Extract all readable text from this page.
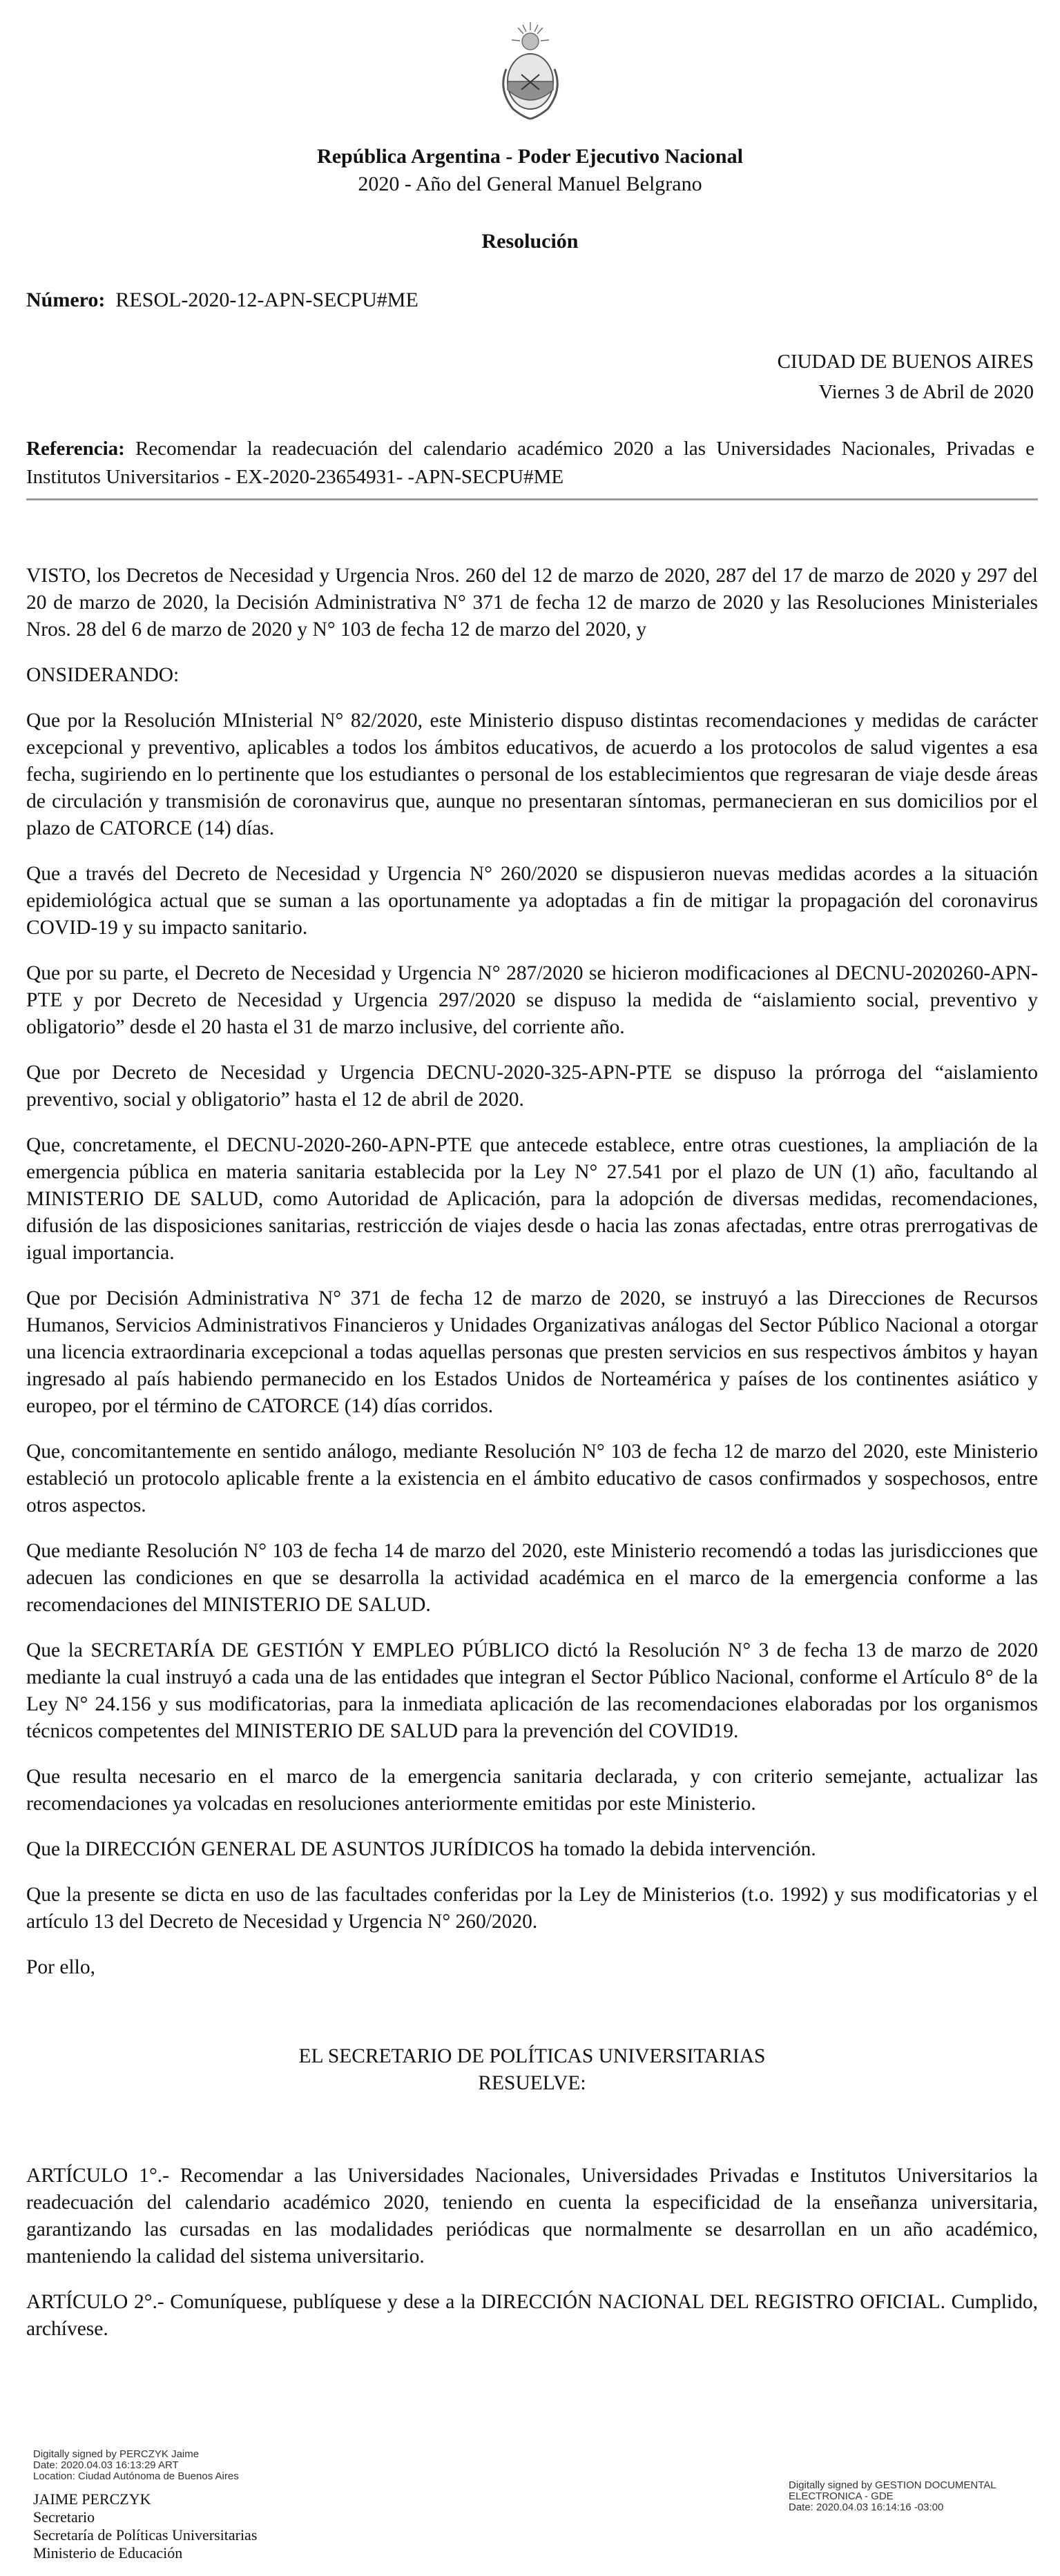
República Argentina - Poder Ejecutivo Nacional
2020 - Año del General Manuel Belgrano
Resolución
Número: RESOL-2020-12-APN-SECPU#ME
CIUDAD DE BUENOS AIRES
Viernes 3 de Abril de 2020
Referencia: Recomendar la readecuación del calendario académico 2020 a las Universidades Nacionales, Privadas e Institutos Universitarios - EX-2020-23654931- -APN-SECPU#ME

VISTO, los Decretos de Necesidad y Urgencia Nros. 260 del 12 de marzo de 2020, 287 del 17 de marzo de 2020 y 297 del 20 de marzo de 2020, la Decisión Administrativa N° 371 de fecha 12 de marzo de 2020 y las Resoluciones Ministeriales Nros. 28 del 6 de marzo de 2020 y N° 103 de fecha 12 de marzo del 2020, y

ONSIDERANDO:

Que por la Resolución MInisterial N° 82/2020, este Ministerio dispuso distintas recomendaciones y medidas de carácter excepcional y preventivo, aplicables a todos los ámbitos educativos, de acuerdo a los protocolos de salud vigentes a esa fecha, sugiriendo en lo pertinente que los estudiantes o personal de los establecimientos que regresaran de viaje desde áreas de circulación y transmisión de coronavirus que, aunque no presentaran síntomas, permanecieran en sus domicilios por el plazo de CATORCE (14) días.

Que a través del Decreto de Necesidad y Urgencia N° 260/2020 se dispusieron nuevas medidas acordes a la situación epidemiológica actual que se suman a las oportunamente ya adoptadas a fin de mitigar la propagación del coronavirus COVID-19 y su impacto sanitario.

Que por su parte, el Decreto de Necesidad y Urgencia N° 287/2020 se hicieron modificaciones al DECNU-2020260-APN-PTE y por Decreto de Necesidad y Urgencia 297/2020 se dispuso la medida de “aislamiento social, preventivo y obligatorio” desde el 20 hasta el 31 de marzo inclusive, del corriente año.

Que por Decreto de Necesidad y Urgencia DECNU-2020-325-APN-PTE se dispuso la prórroga del “aislamiento preventivo, social y obligatorio” hasta el 12 de abril de 2020.

Que, concretamente, el DECNU-2020-260-APN-PTE que antecede establece, entre otras cuestiones, la ampliación de la emergencia pública en materia sanitaria establecida por la Ley N° 27.541 por el plazo de UN (1) año, facultando al MINISTERIO DE SALUD, como Autoridad de Aplicación, para la adopción de diversas medidas, recomendaciones, difusión de las disposiciones sanitarias, restricción de viajes desde o hacia las zonas afectadas, entre otras prerrogativas de igual importancia.

Que por Decisión Administrativa N° 371 de fecha 12 de marzo de 2020, se instruyó a las Direcciones de Recursos Humanos, Servicios Administrativos Financieros y Unidades Organizativas análogas del Sector Público Nacional a otorgar una licencia extraordinaria excepcional a todas aquellas personas que presten servicios en sus respectivos ámbitos y hayan ingresado al país habiendo permanecido en los Estados Unidos de Norteamérica y países de los continentes asiático y europeo, por el término de CATORCE (14) días corridos.

Que, concomitantemente en sentido análogo, mediante Resolución N° 103 de fecha 12 de marzo del 2020, este Ministerio estableció un protocolo aplicable frente a la existencia en el ámbito educativo de casos confirmados y sospechosos, entre otros aspectos.

Que mediante Resolución N° 103 de fecha 14 de marzo del 2020, este Ministerio recomendó a todas las jurisdicciones que adecuen las condiciones en que se desarrolla la actividad académica en el marco de la emergencia conforme a las recomendaciones del MINISTERIO DE SALUD.

Que la SECRETARÍA DE GESTIÓN Y EMPLEO PÚBLICO dictó la Resolución N° 3 de fecha 13 de marzo de 2020 mediante la cual instruyó a cada una de las entidades que integran el Sector Público Nacional, conforme el Artículo 8° de la Ley N° 24.156 y sus modificatorias, para la inmediata aplicación de las recomendaciones elaboradas por los organismos técnicos competentes del MINISTERIO DE SALUD para la prevención del COVID19.

Que resulta necesario en el marco de la emergencia sanitaria declarada, y con criterio semejante, actualizar las recomendaciones ya volcadas en resoluciones anteriormente emitidas por este Ministerio.

Que la DIRECCIÓN GENERAL DE ASUNTOS JURÍDICOS ha tomado la debida intervención.

Que la presente se dicta en uso de las facultades conferidas por la Ley de Ministerios (t.o. 1992) y sus modificatorias y el artículo 13 del Decreto de Necesidad y Urgencia N° 260/2020.

Por ello,

EL SECRETARIO DE POLÍTICAS UNIVERSITARIAS
RESUELVE:

ARTÍCULO 1°.- Recomendar a las Universidades Nacionales, Universidades Privadas e Institutos Universitarios la readecuación del calendario académico 2020, teniendo en cuenta la especificidad de la enseñanza universitaria, garantizando las cursadas en las modalidades periódicas que normalmente se desarrollan en un año académico, manteniendo la calidad del sistema universitario.

ARTÍCULO 2°.- Comuníquese, publíquese y dese a la DIRECCIÓN NACIONAL DEL REGISTRO OFICIAL. Cumplido, archívese.

Digitally signed by PERCZYK Jaime
Date: 2020.04.03 16:13:29 ART
Location: Ciudad Autónoma de Buenos Aires
JAIME PERCZYK
Secretario
Secretaría de Políticas Universitarias
Ministerio de Educación
Digitally signed by GESTION DOCUMENTAL
ELECTRONICA - GDE
Date: 2020.04.03 16:14:16 -03:00
